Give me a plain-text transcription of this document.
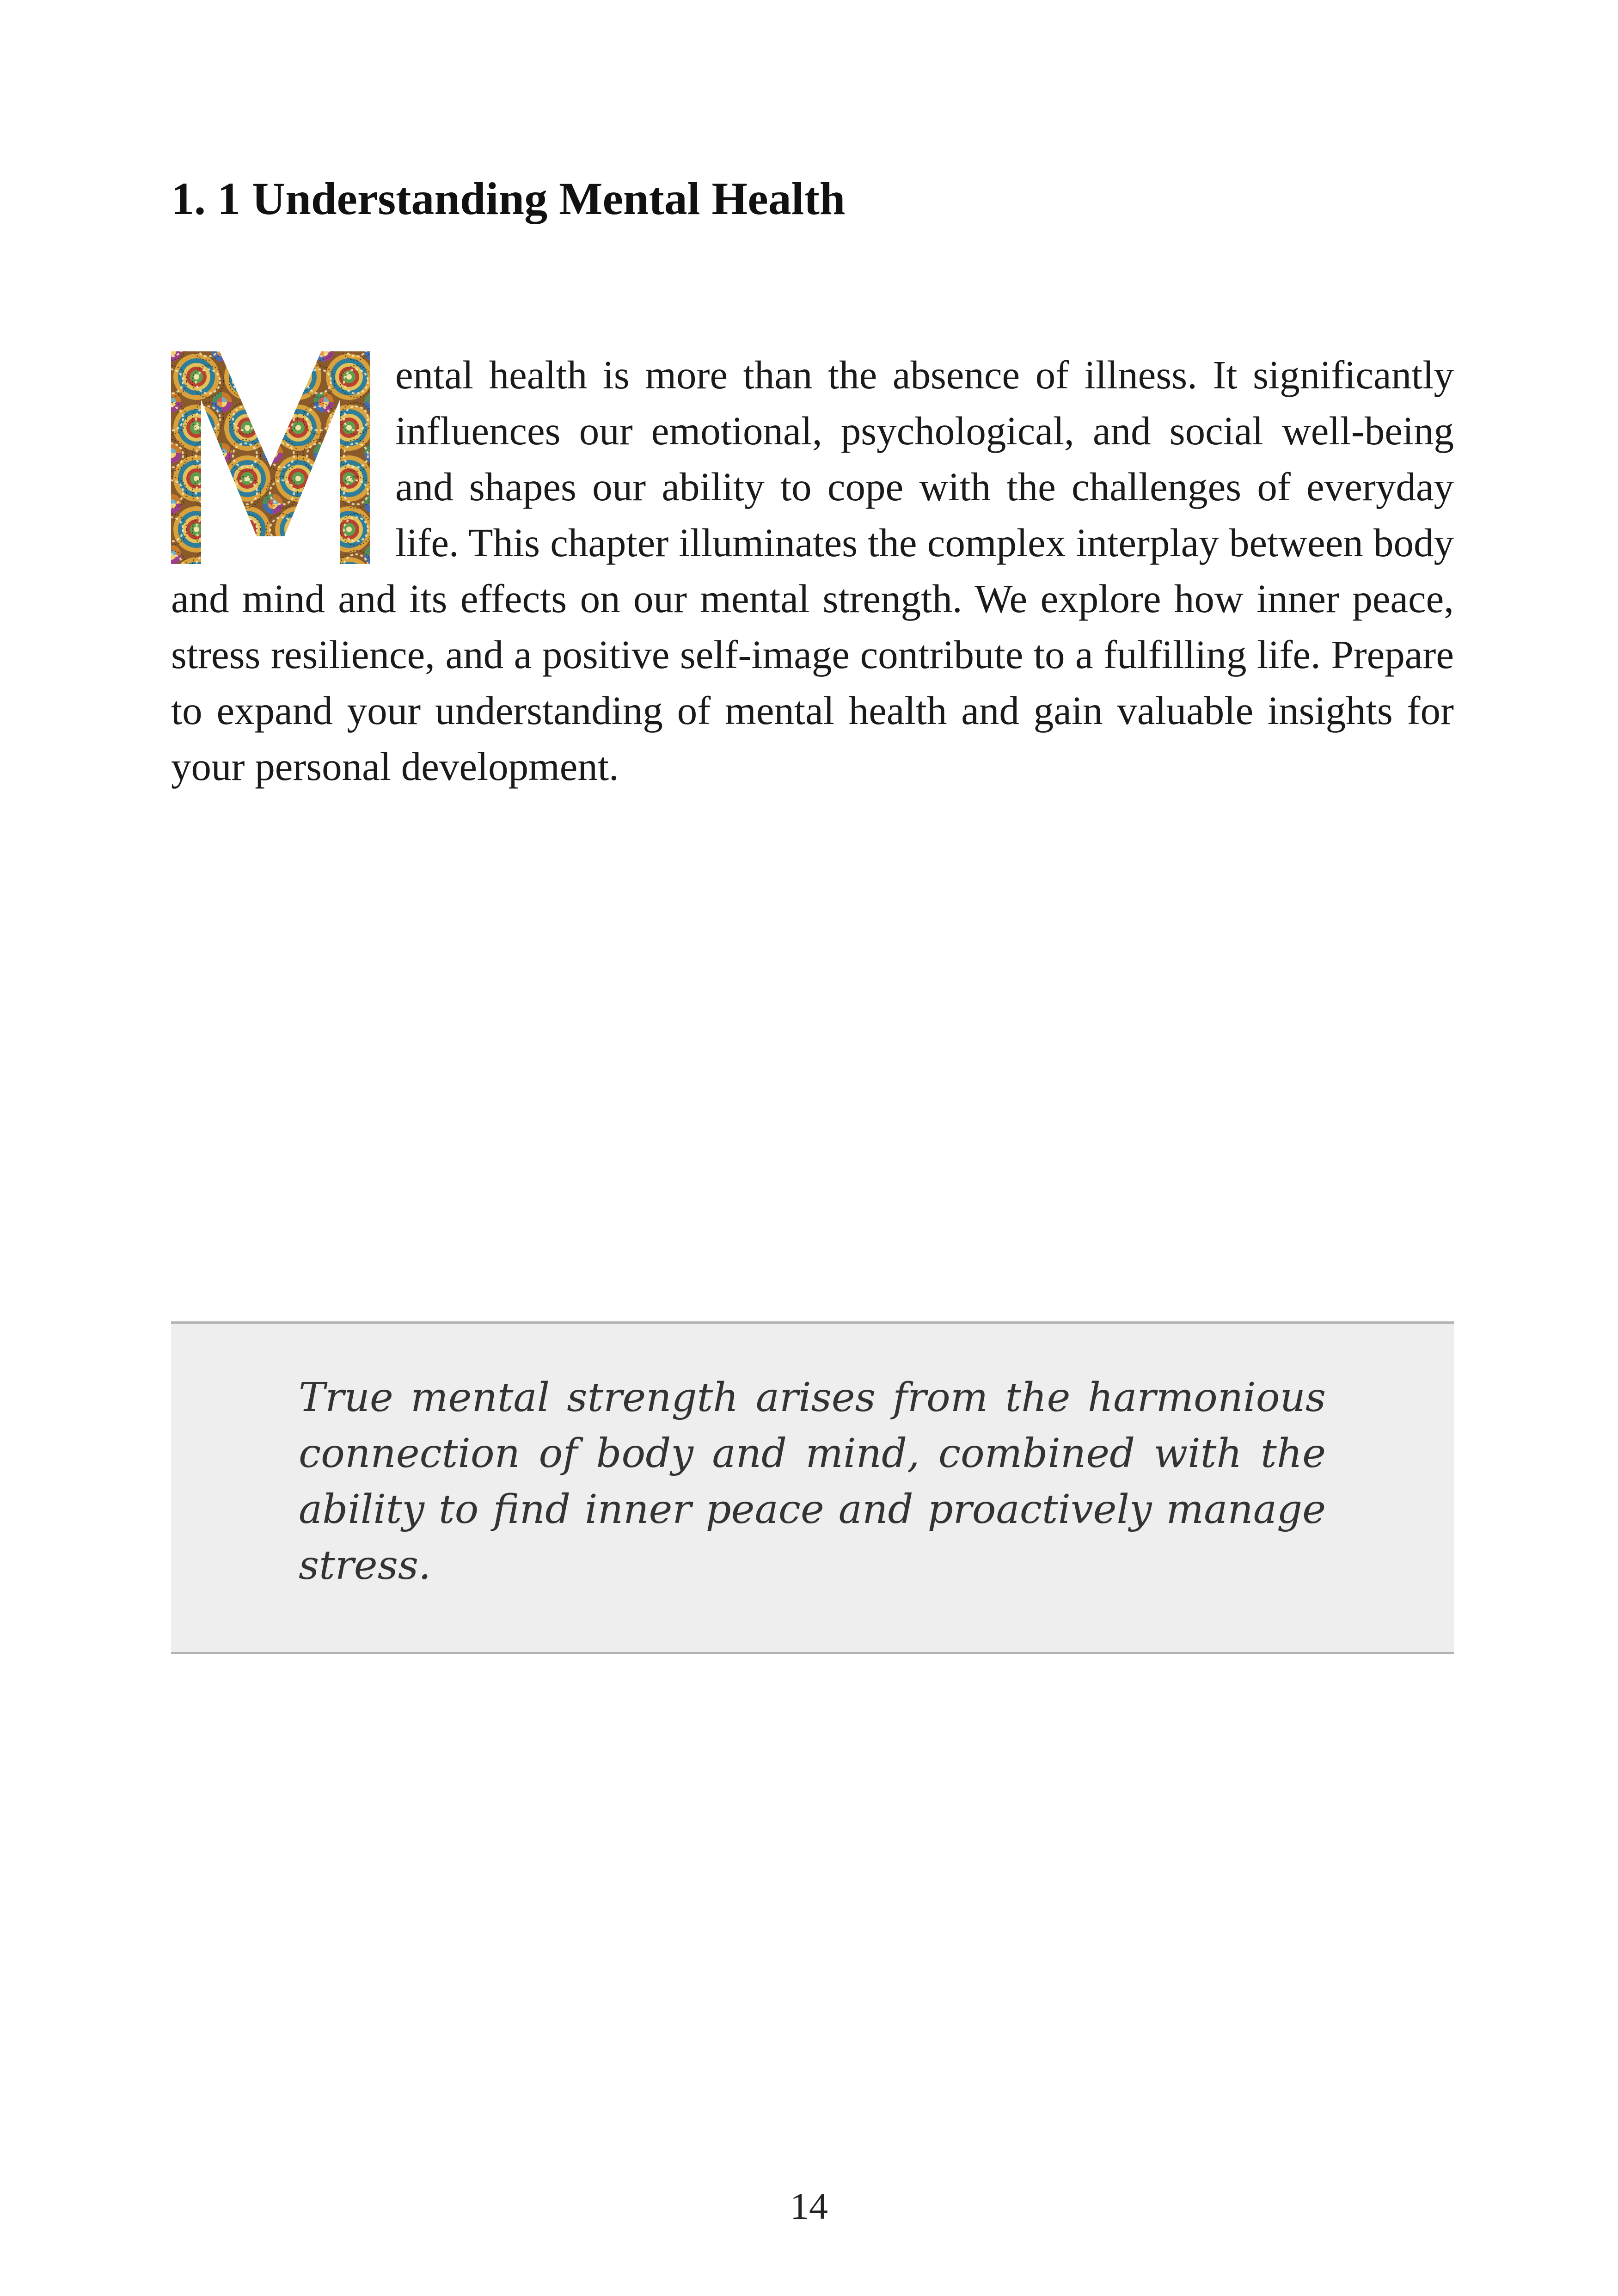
1. 1 Understanding Mental Health

ental health is more than the absence of illness. It significantly influences our emotional, psychological, and social well-being and shapes our ability to cope with the challenges of everyday life. This chapter illuminates the complex interplay between body and mind and its effects on our mental strength. We explore how inner peace, stress resilience, and a positive self-image contribute to a fulfilling life. Prepare to expand your understanding of mental health and gain valuable insights for your personal development.

True mental strength arises from the harmonious connection of body and mind, combined with the ability to find inner peace and proactively manage stress.

14
